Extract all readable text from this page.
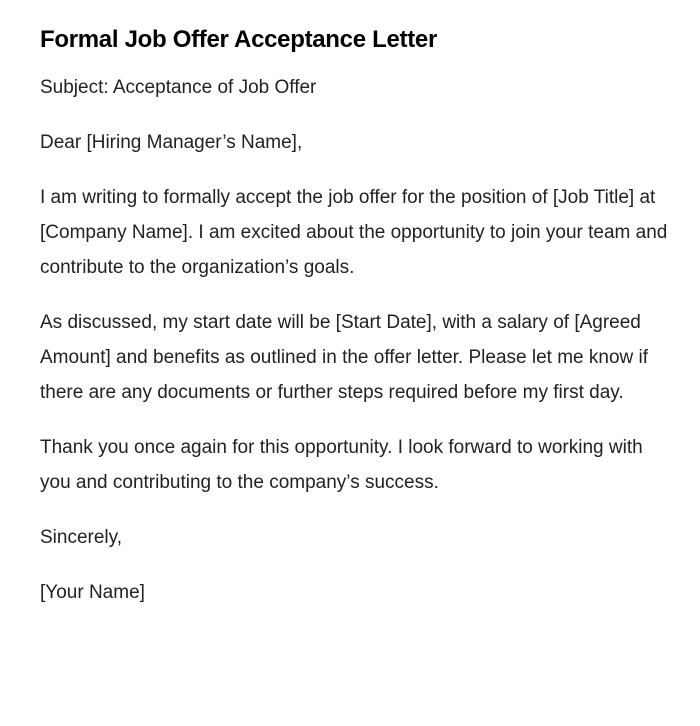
Formal Job Offer Acceptance Letter

Subject: Acceptance of Job Offer

Dear [Hiring Manager’s Name],

I am writing to formally accept the job offer for the position of [Job Title] at [Company Name]. I am excited about the opportunity to join your team and contribute to the organization’s goals.

As discussed, my start date will be [Start Date], with a salary of [Agreed Amount] and benefits as outlined in the offer letter. Please let me know if there are any documents or further steps required before my first day.

Thank you once again for this opportunity. I look forward to working with you and contributing to the company’s success.

Sincerely,

[Your Name]
